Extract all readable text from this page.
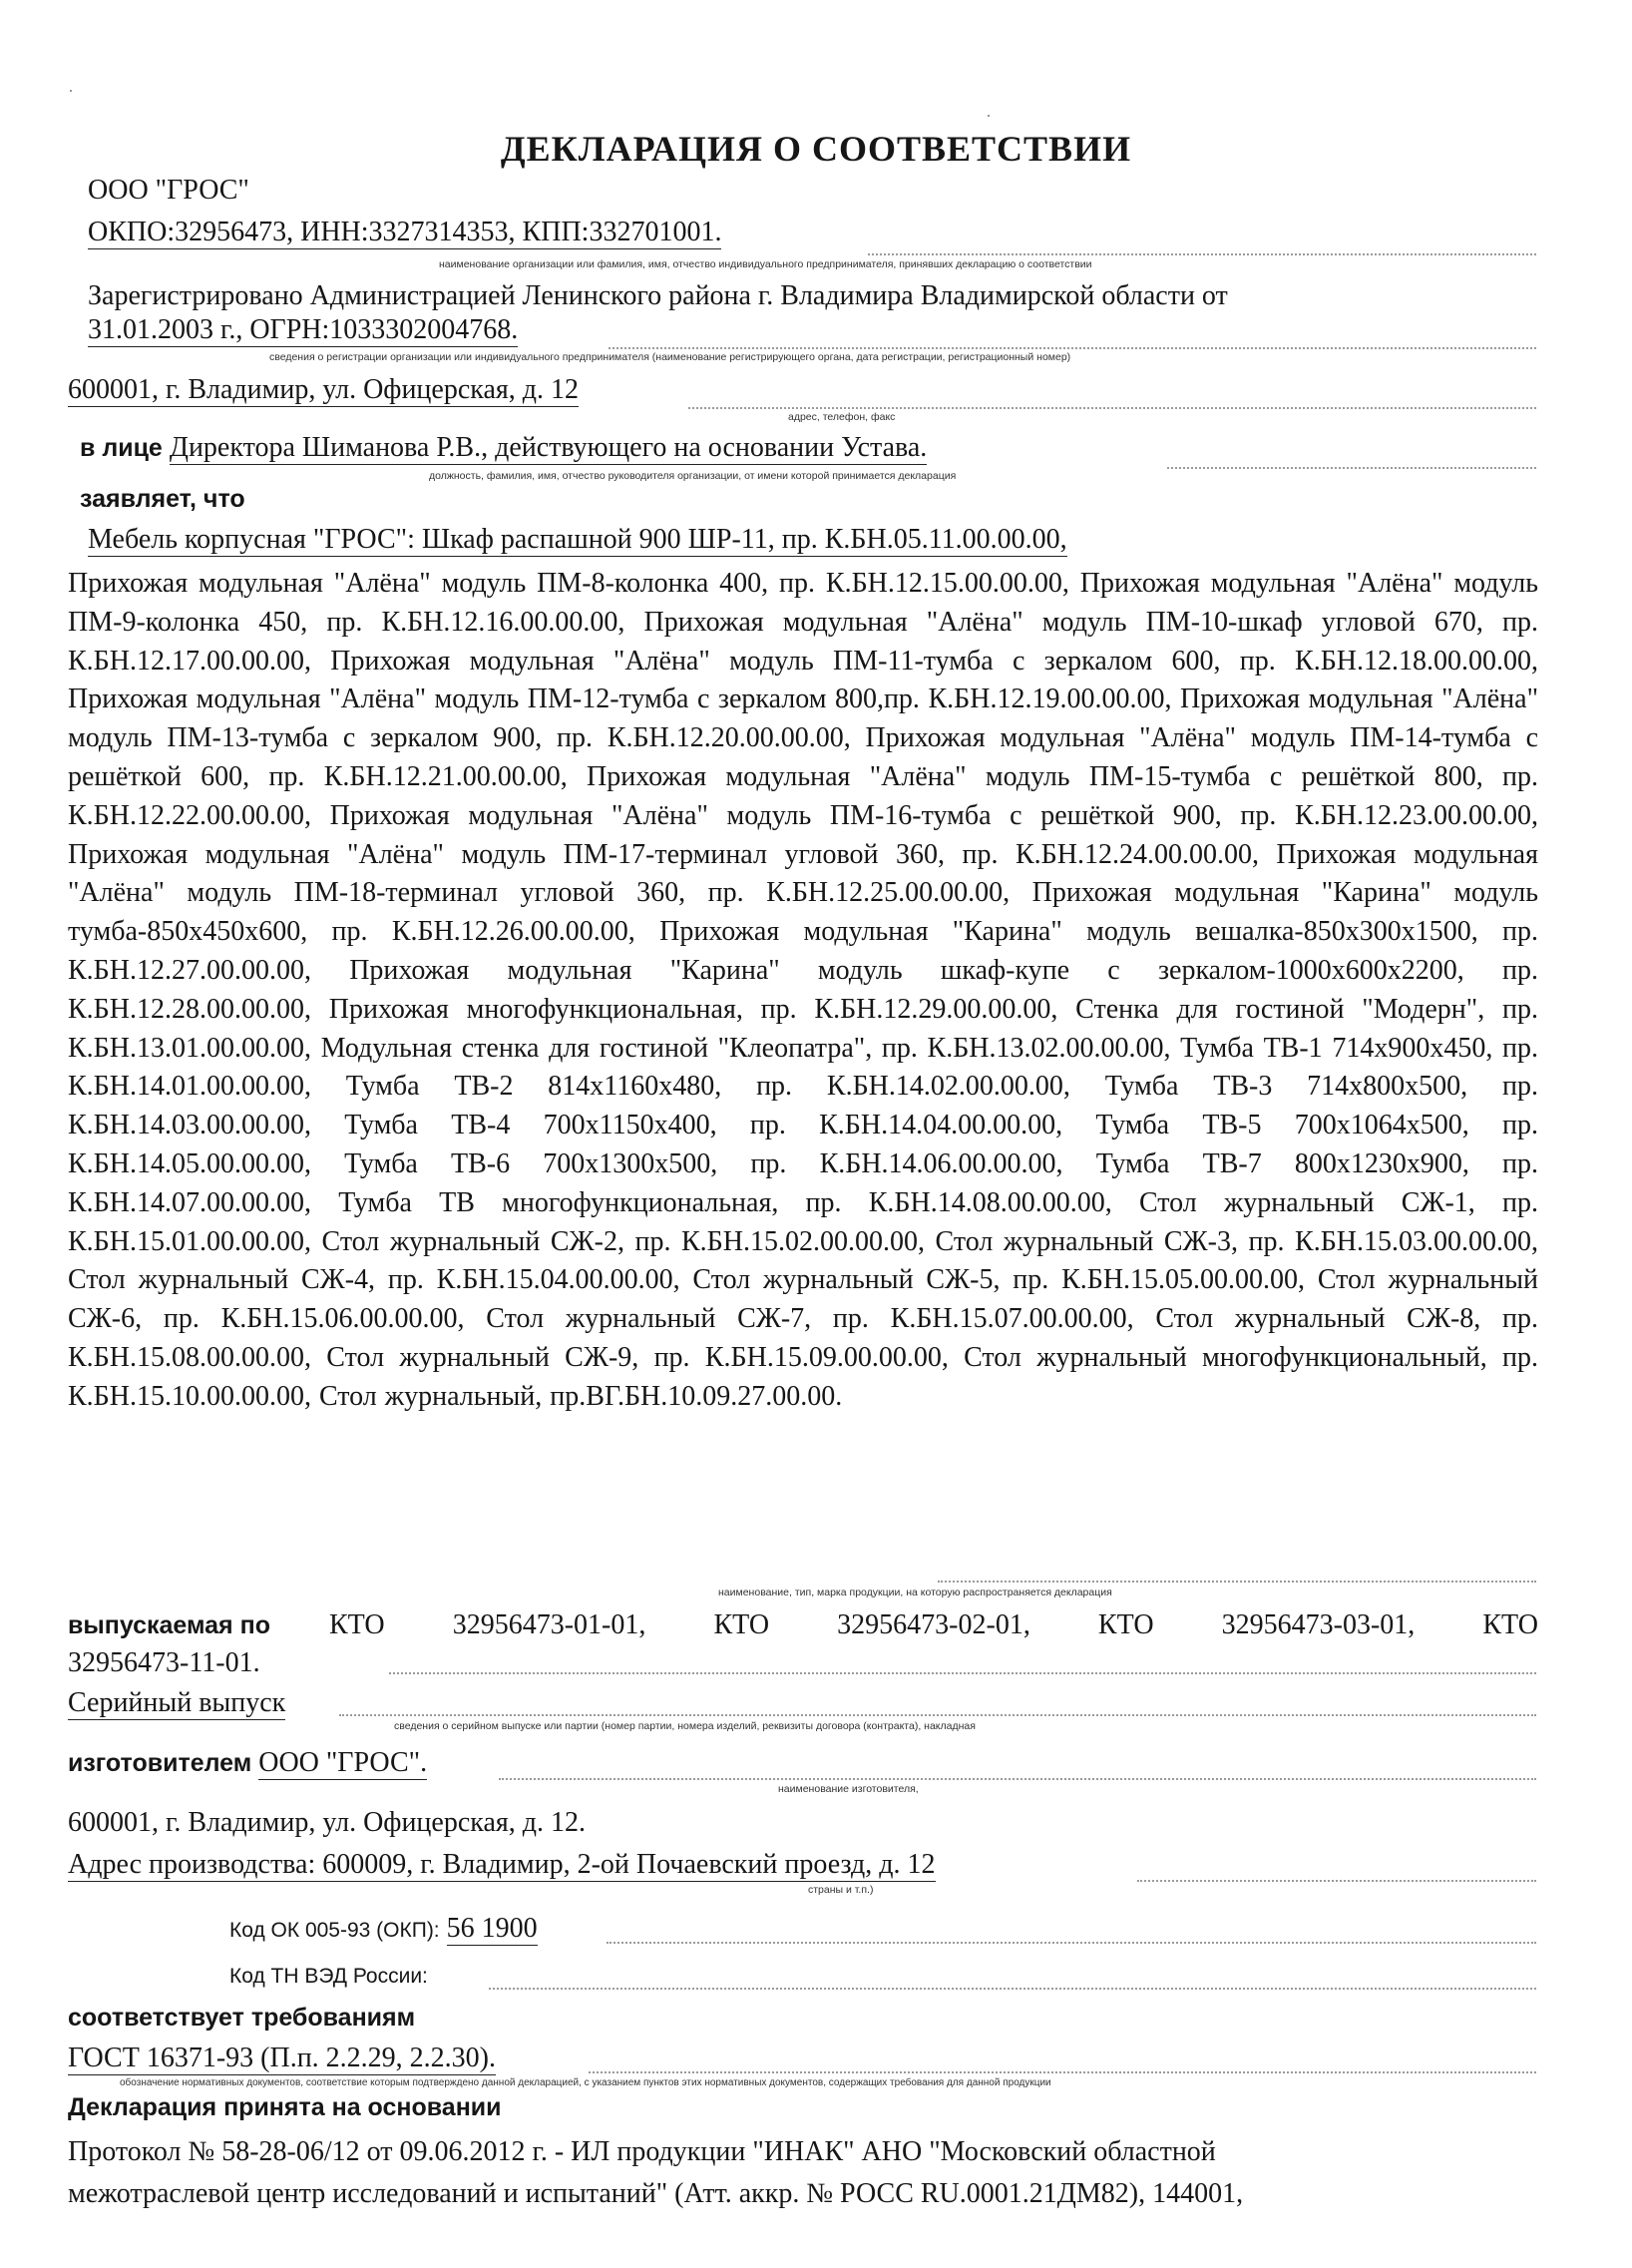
ДЕКЛАРАЦИЯ О СООТВЕТСТВИИ
ООО "ГРОС"
ОКПО:32956473, ИНН:3327314353, КПП:332701001.
наименование организации или фамилия, имя, отчество индивидуального предпринимателя, принявших декларацию о соответствии
Зарегистрировано Администрацией Ленинского района г. Владимира Владимирской области от
31.01.2003 г., ОГРН:1033302004768.
сведения о регистрации организации или индивидуального предпринимателя (наименование регистрирующего органа, дата регистрации, регистрационный номер)
600001, г. Владимир, ул. Офицерская, д. 12
адрес, телефон, факс
в лице Директора Шиманова Р.В., действующего на основании Устава.
должность, фамилия, имя, отчество руководителя организации, от имени которой принимается декларация
заявляет, что
Мебель корпусная "ГРОС": Шкаф распашной 900 ШР-11, пр. К.БН.05.11.00.00.00,
Прихожая модульная "Алёна" модуль ПМ-8-колонка 400, пр. К.БН.12.15.00.00.00, Прихожая модульная "Алёна" модуль ПМ-9-колонка 450, пр. К.БН.12.16.00.00.00, Прихожая модульная "Алёна" модуль ПМ-10-шкаф угловой 670, пр. К.БН.12.17.00.00.00, Прихожая модульная "Алёна" модуль ПМ-11-тумба с зеркалом 600, пр. К.БН.12.18.00.00.00, Прихожая модульная "Алёна" модуль ПМ-12-тумба с зеркалом 800,пр. К.БН.12.19.00.00.00, Прихожая модульная "Алёна" модуль ПМ-13-тумба с зеркалом 900, пр. К.БН.12.20.00.00.00, Прихожая модульная "Алёна" модуль ПМ-14-тумба с решёткой 600, пр. К.БН.12.21.00.00.00, Прихожая модульная "Алёна" модуль ПМ-15-тумба с решёткой 800, пр. К.БН.12.22.00.00.00, Прихожая модульная "Алёна" модуль ПМ-16-тумба с решёткой 900, пр. К.БН.12.23.00.00.00, Прихожая модульная "Алёна" модуль ПМ-17-терминал угловой 360, пр. К.БН.12.24.00.00.00, Прихожая модульная "Алёна" модуль ПМ-18-терминал угловой 360, пр. К.БН.12.25.00.00.00, Прихожая модульная "Карина" модуль тумба-850х450х600, пр. К.БН.12.26.00.00.00, Прихожая модульная "Карина" модуль вешалка-850х300х1500, пр. К.БН.12.27.00.00.00, Прихожая модульная "Карина" модуль шкаф-купе с зеркалом-1000х600х2200, пр. К.БН.12.28.00.00.00, Прихожая многофункциональная, пр. К.БН.12.29.00.00.00, Стенка для гостиной "Модерн", пр. К.БН.13.01.00.00.00, Модульная стенка для гостиной "Клеопатра", пр. К.БН.13.02.00.00.00, Тумба ТВ-1 714х900х450, пр. К.БН.14.01.00.00.00, Тумба ТВ-2 814х1160х480, пр. К.БН.14.02.00.00.00, Тумба ТВ-3 714х800х500, пр. К.БН.14.03.00.00.00, Тумба ТВ-4 700х1150х400, пр. К.БН.14.04.00.00.00, Тумба ТВ-5 700х1064х500, пр. К.БН.14.05.00.00.00, Тумба ТВ-6 700х1300х500, пр. К.БН.14.06.00.00.00, Тумба ТВ-7 800х1230х900, пр. К.БН.14.07.00.00.00, Тумба ТВ многофункциональная, пр. К.БН.14.08.00.00.00, Стол журнальный СЖ-1, пр. К.БН.15.01.00.00.00, Стол журнальный СЖ-2, пр. К.БН.15.02.00.00.00, Стол журнальный СЖ-3, пр. К.БН.15.03.00.00.00, Стол журнальный СЖ-4, пр. К.БН.15.04.00.00.00, Стол журнальный СЖ-5, пр. К.БН.15.05.00.00.00, Стол журнальный СЖ-6, пр. К.БН.15.06.00.00.00, Стол журнальный СЖ-7, пр. К.БН.15.07.00.00.00, Стол журнальный СЖ-8, пр. К.БН.15.08.00.00.00, Стол журнальный СЖ-9, пр. К.БН.15.09.00.00.00, Стол журнальный многофункциональный, пр. К.БН.15.10.00.00.00, Стол журнальный, пр.ВГ.БН.10.09.27.00.00.
наименование, тип, марка продукции, на которую распространяется декларация
выпускаемая по КТО 32956473-01-01, КТО 32956473-02-01, КТО 32956473-03-01, КТО
32956473-11-01.
Серийный выпуск
сведения о серийном выпуске или партии (номер партии, номера изделий, реквизиты договора (контракта), накладная
изготовителем ООО "ГРОС".
наименование изготовителя,
600001, г. Владимир, ул. Офицерская, д. 12.
Адрес производства: 600009, г. Владимир, 2-ой Почаевский проезд, д. 12
страны и т.п.)
Код ОК 005-93 (ОКП): 56 1900
Код ТН ВЭД России:
соответствует требованиям
ГОСТ 16371-93 (П.п. 2.2.29, 2.2.30).
обозначение нормативных документов, соответствие которым подтверждено данной декларацией, с указанием пунктов этих нормативных документов, содержащих требования для данной продукции
Декларация принята на основании
Протокол № 58-28-06/12 от 09.06.2012 г. - ИЛ продукции "ИНАК" АНО "Московский областной
межотраслевой центр исследований и испытаний" (Атт. аккр. № РОСС RU.0001.21ДМ82), 144001,
